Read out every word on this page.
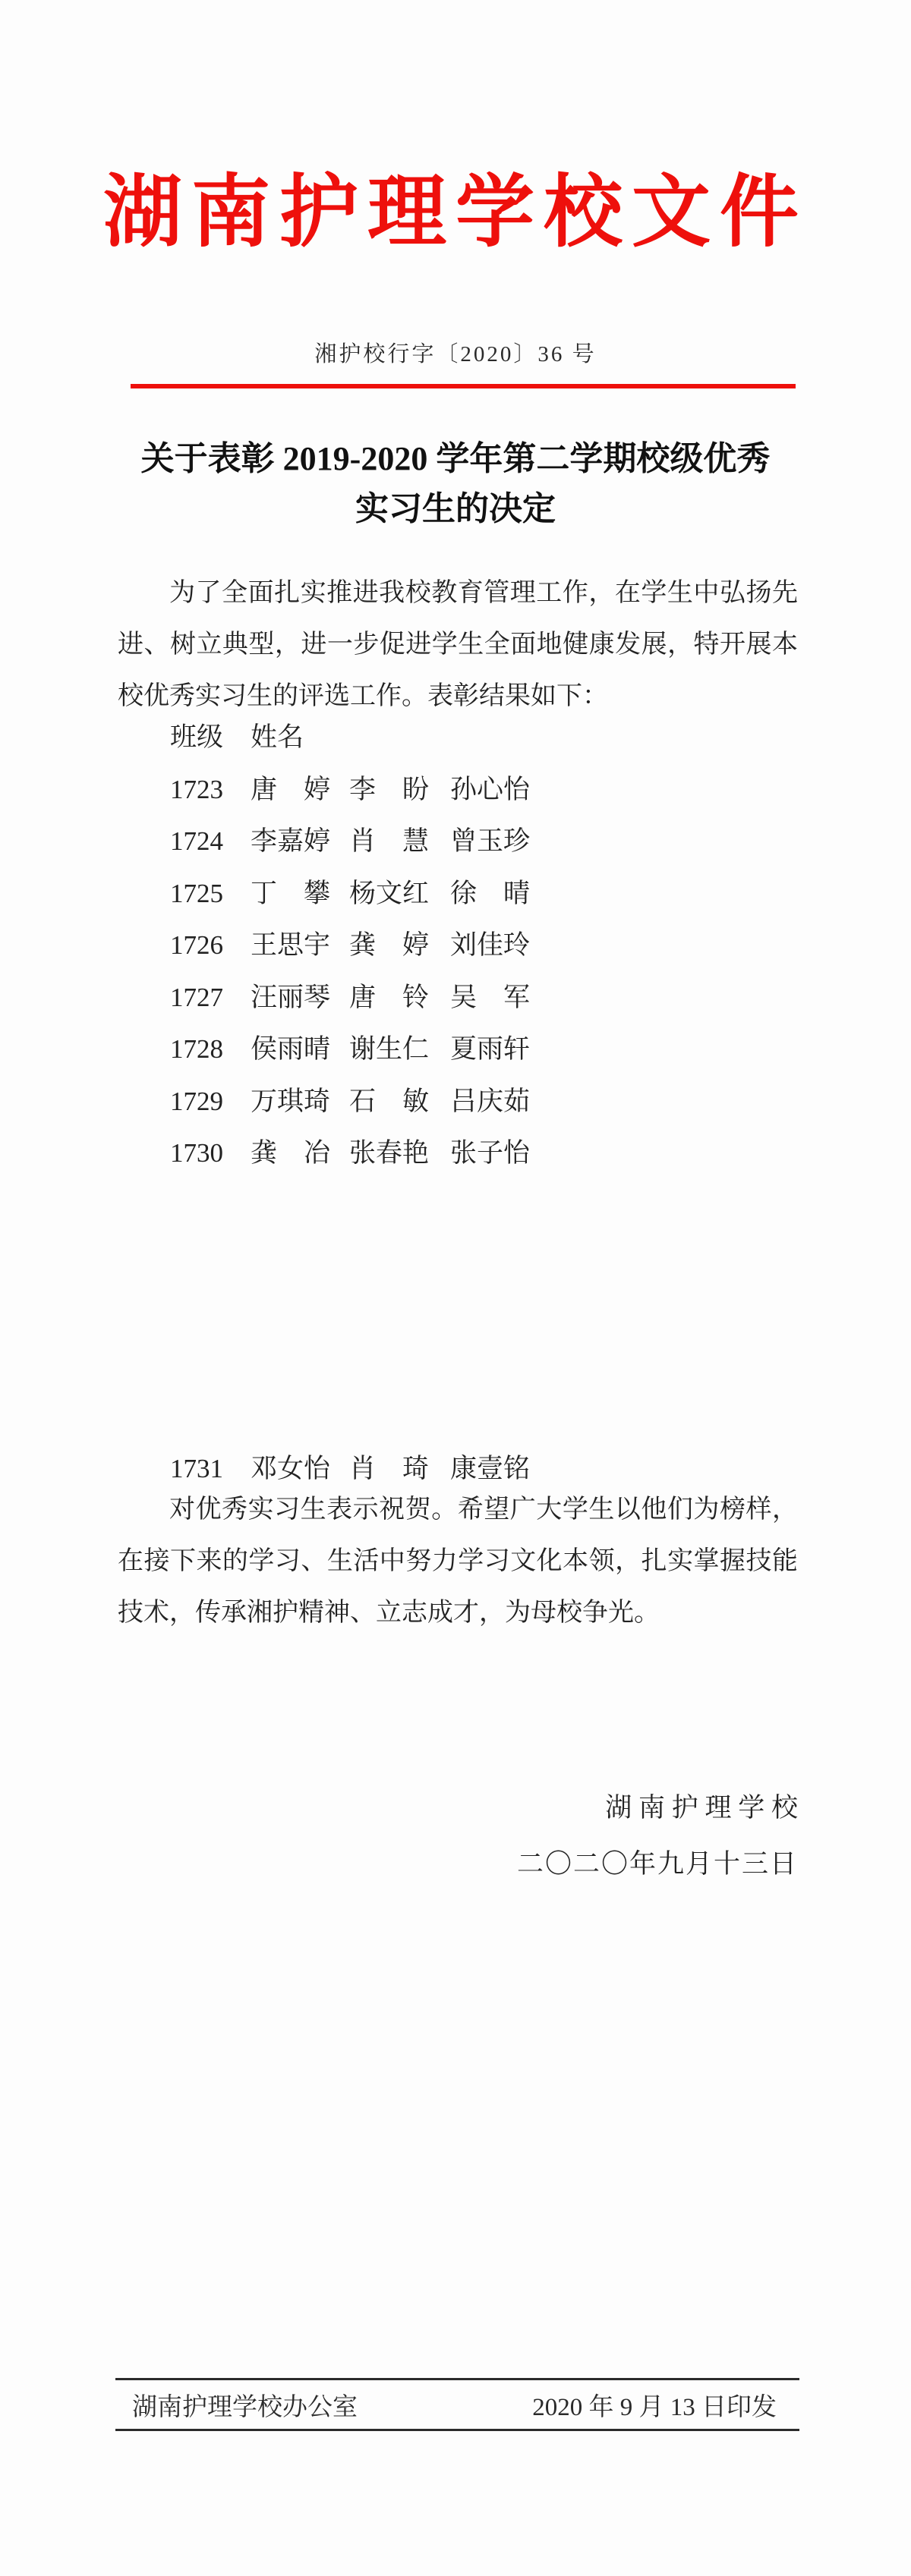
湖南护理学校文件
湘护校行字〔2020〕36 号
关于表彰 2019-2020 学年第二学期校级优秀
实习生的决定
为了全面扎实推进我校教育管理工作，在学生中弘扬先进、树立典型，进一步促进学生全面地健康发展，特开展本校优秀实习生的评选工作。表彰结果如下：
班级	姓名
1723	唐　婷 李　盼 孙心怡
1724	李嘉婷 肖　慧 曾玉珍
1725	丁　攀 杨文红 徐　晴
1726	王思宇 龚　婷 刘佳玲
1727	汪丽琴 唐　铃 吴　军
1728	侯雨晴 谢生仁 夏雨轩
1729	万琪琦 石　敏 吕庆茹
1730	龚　冶 张春艳 张子怡
1731	邓女怡 肖　琦 康壹铭
对优秀实习生表示祝贺。希望广大学生以他们为榜样，在接下来的学习、生活中努力学习文化本领，扎实掌握技能技术，传承湘护精神、立志成才，为母校争光。
湖 南 护 理 学 校
二〇二〇年九月十三日
湖南护理学校办公室	2020 年 9 月 13 日印发
